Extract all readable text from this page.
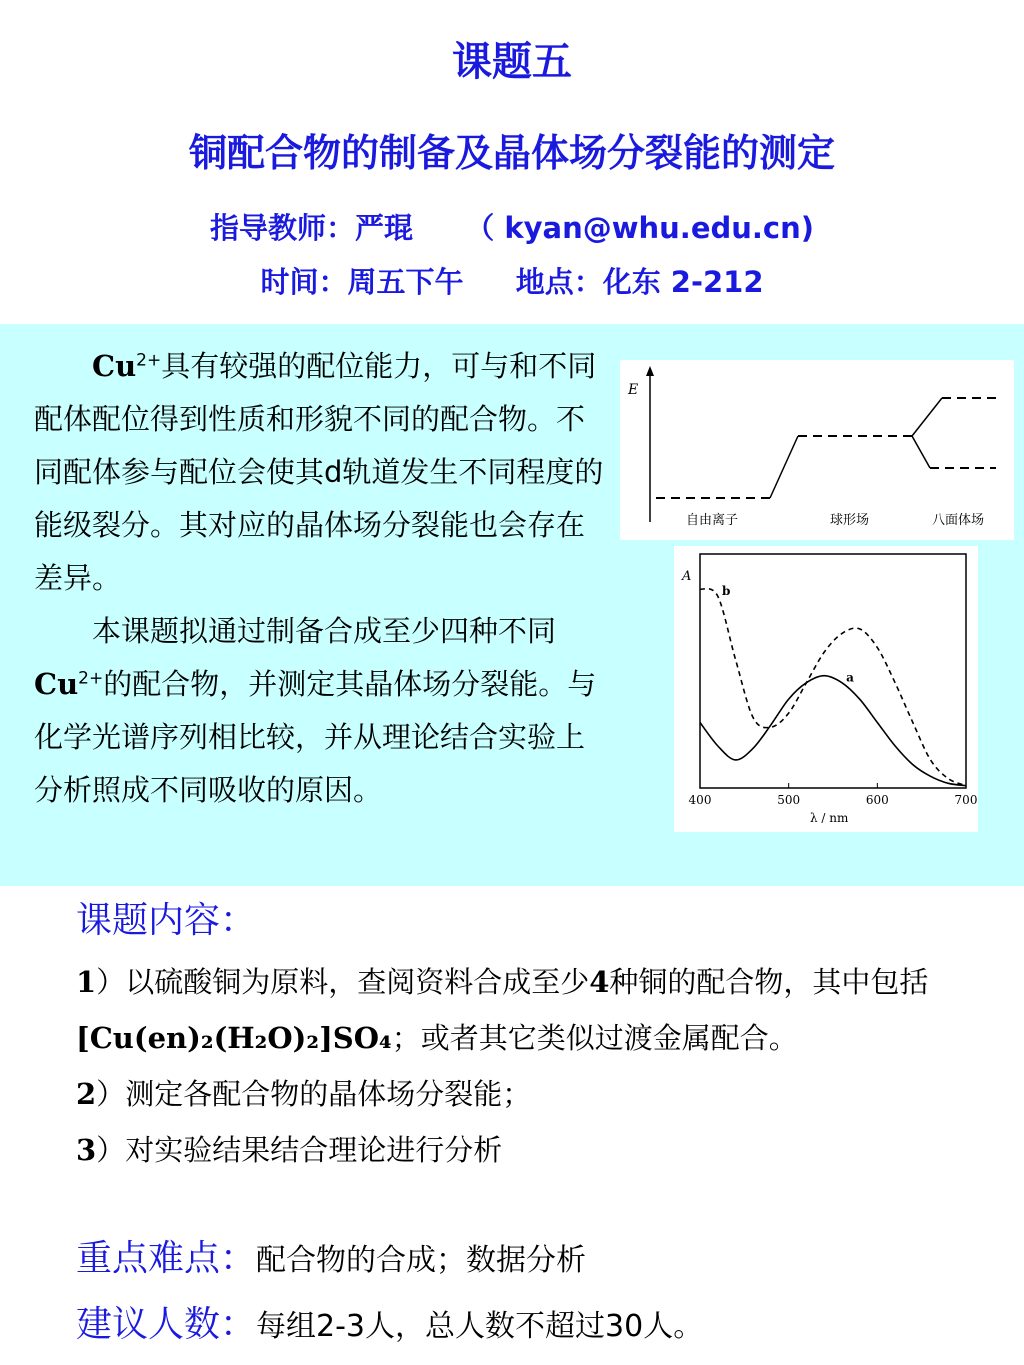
课题五
铜配合物的制备及晶体场分裂能的测定
指导教师：严琨 （ kyan@whu.edu.cn)
时间：周五下午 地点：化东 2-212

$Cu^{2+}$具有较强的配位能力，可与和不同配体配位得到性质和形貌不同的配合物。不同配体参与配位会使其d轨道发生不同程度的能级裂分。其对应的晶体场分裂能也会存在差异。

本课题拟通过制备合成至少四种不同$Cu^{2+}$的配合物，并测定其晶体场分裂能。与化学光谱序列相比较，并从理论结合实验上分析照成不同吸收的原因。

E
自由离子	球形场	八面体场
A
400	500	600	700
a
b
λ / nm
课题内容：
1）以硫酸铜为原料，查阅资料合成至少4种铜的配合物，其中包括[Cu(en)₂(H₂O)₂]SO₄；或者其它类似过渡金属配合。
2）测定各配合物的晶体场分裂能；
3）对实验结果结合理论进行分析
重点难点：配合物的合成；数据分析
建议人数：每组2-3人，总人数不超过30人。
